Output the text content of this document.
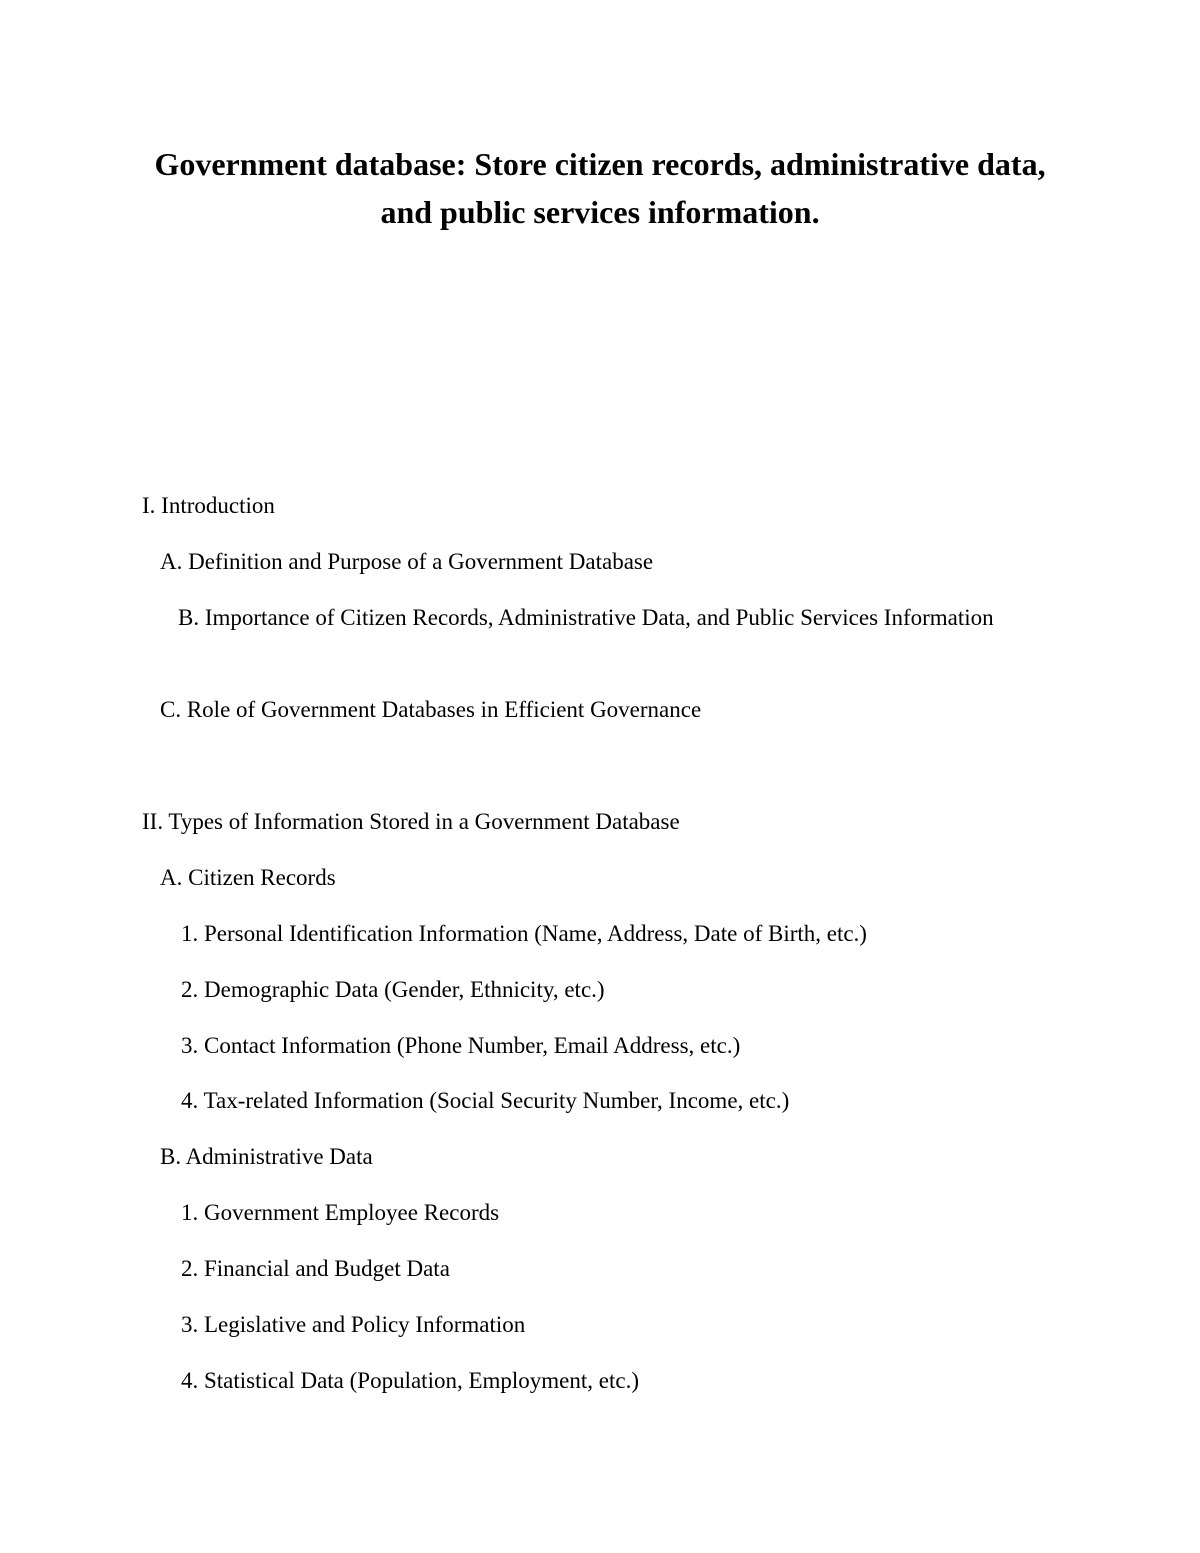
Government database: Store citizen records, administrative data, and public services information.

I. Introduction

A. Definition and Purpose of a Government Database

B. Importance of Citizen Records, Administrative Data, and Public Services Information

C. Role of Government Databases in Efficient Governance

II. Types of Information Stored in a Government Database

A. Citizen Records

1. Personal Identification Information (Name, Address, Date of Birth, etc.)

2. Demographic Data (Gender, Ethnicity, etc.)

3. Contact Information (Phone Number, Email Address, etc.)

4. Tax-related Information (Social Security Number, Income, etc.)

B. Administrative Data

1. Government Employee Records

2. Financial and Budget Data

3. Legislative and Policy Information

4. Statistical Data (Population, Employment, etc.)
